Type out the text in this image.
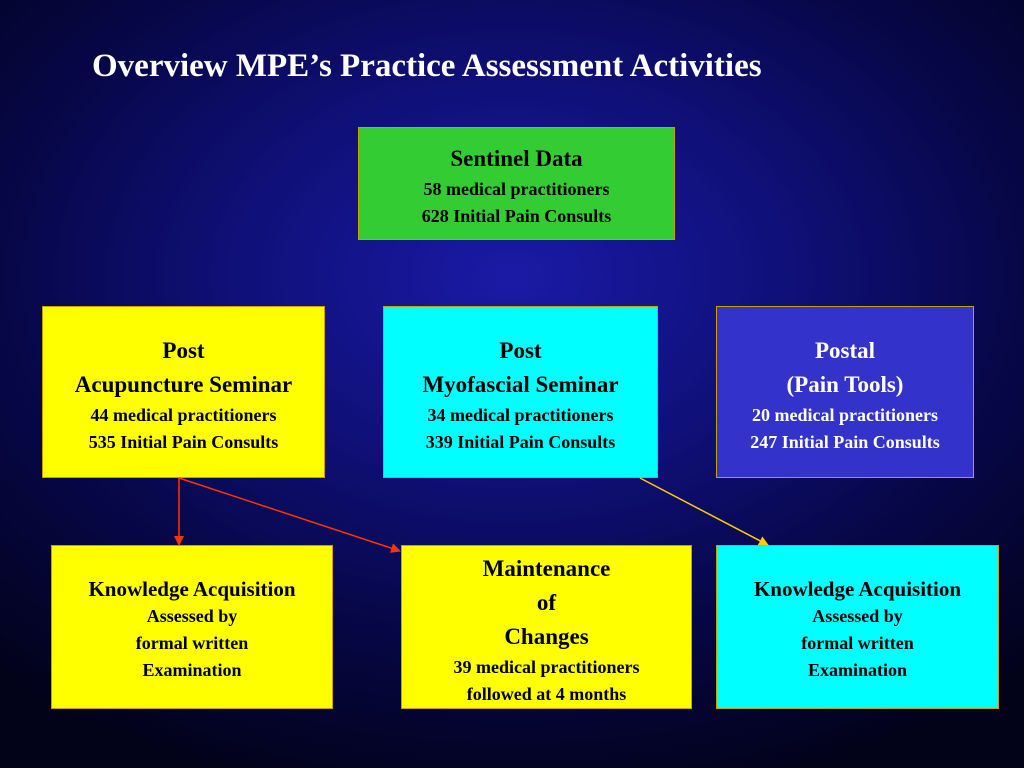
Overview MPE’s Practice Assessment Activities
Sentinel Data
58 medical practitioners
628 Initial Pain Consults
Post
Acupuncture Seminar
44 medical practitioners
535 Initial Pain Consults
Post
Myofascial Seminar
34 medical practitioners
339 Initial Pain Consults
Postal
(Pain Tools)
20 medical practitioners
247 Initial Pain Consults
Knowledge Acquisition
Assessed by
formal written
Examination
Maintenance
of
Changes
39 medical practitioners
followed at 4 months
Knowledge Acquisition
Assessed by
formal written
Examination
